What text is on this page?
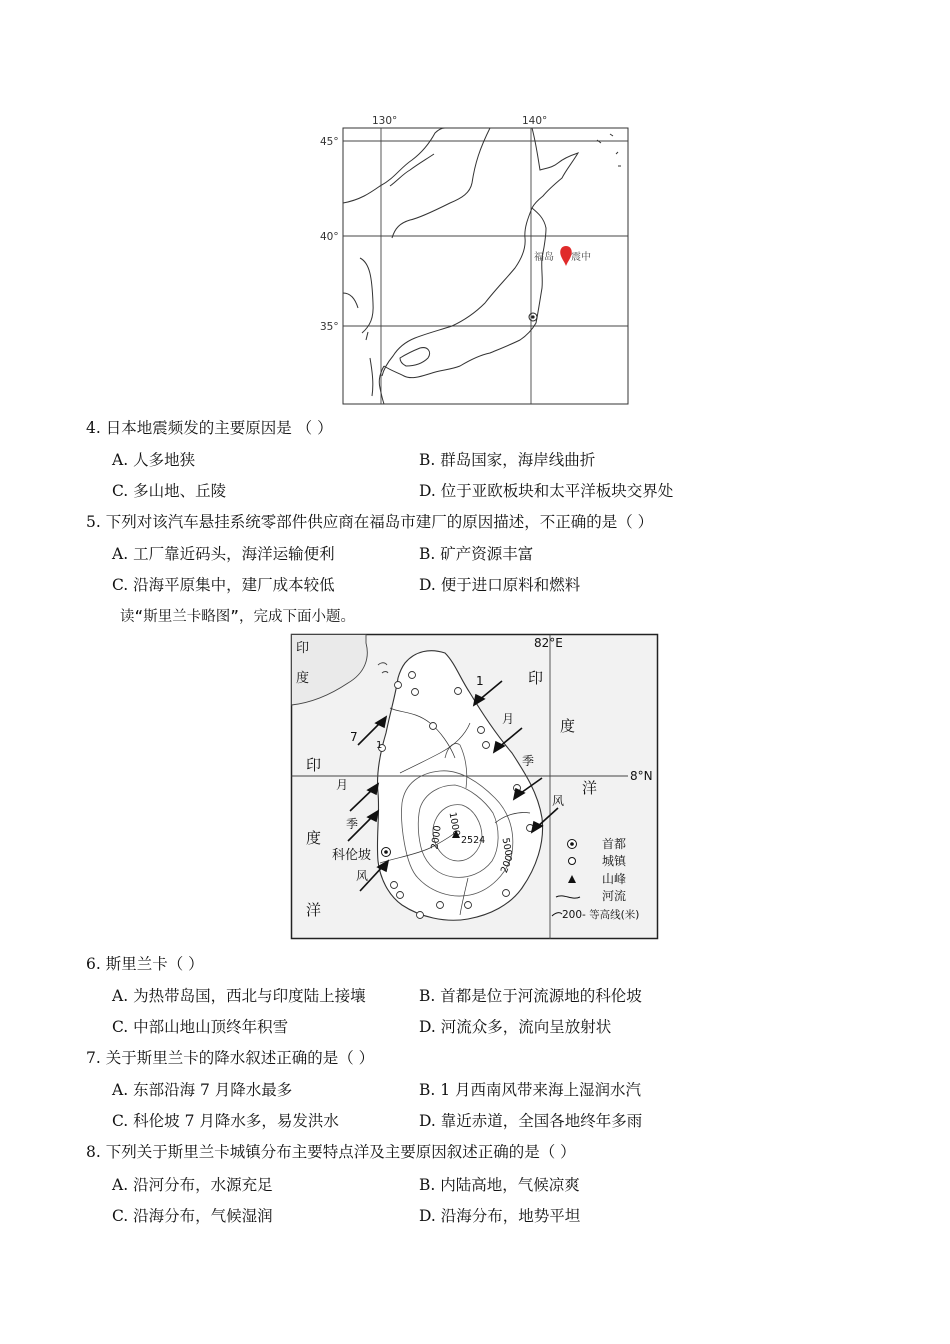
130°	140°
45°
40°
35°
福岛 震中
4. 日本地震频发的主要原因是 （ ）
A. 人多地狭	B. 群岛国家，海岸线曲折
C. 多山地、丘陵	D. 位于亚欧板块和太平洋板块交界处
5. 下列对该汽车悬挂系统零部件供应商在福岛市建厂的原因描述，不正确的是（ ）
A. 工厂靠近码头，海洋运输便利	B. 矿产资源丰富
C. 沿海平原集中，建厂成本较低	D. 便于进口原料和燃料
读“斯里兰卡略图”，完成下面小题。
82°E
8°N
科伦坡
2524
2000
1000
500
200
1
印
度
印
度
洋
印
度
洋
1
月
季
风
7
月
季
风
首都
城镇
山峰
河流
200- 等高线(米)
6. 斯里兰卡（ ）
A. 为热带岛国，西北与印度陆上接壤	B. 首都是位于河流源地的科伦坡
C. 中部山地山顶终年积雪	D. 河流众多，流向呈放射状
7. 关于斯里兰卡的降水叙述正确的是（ ）
A. 东部沿海 7 月降水最多	B. 1 月西南风带来海上湿润水汽
C. 科伦坡 7 月降水多，易发洪水	D. 靠近赤道，全国各地终年多雨
8. 下列关于斯里兰卡城镇分布主要特点洋及主要原因叙述正确的是（ ）
A. 沿河分布，水源充足	B. 内陆高地，气候凉爽
C. 沿海分布，气候湿润	D. 沿海分布，地势平坦
